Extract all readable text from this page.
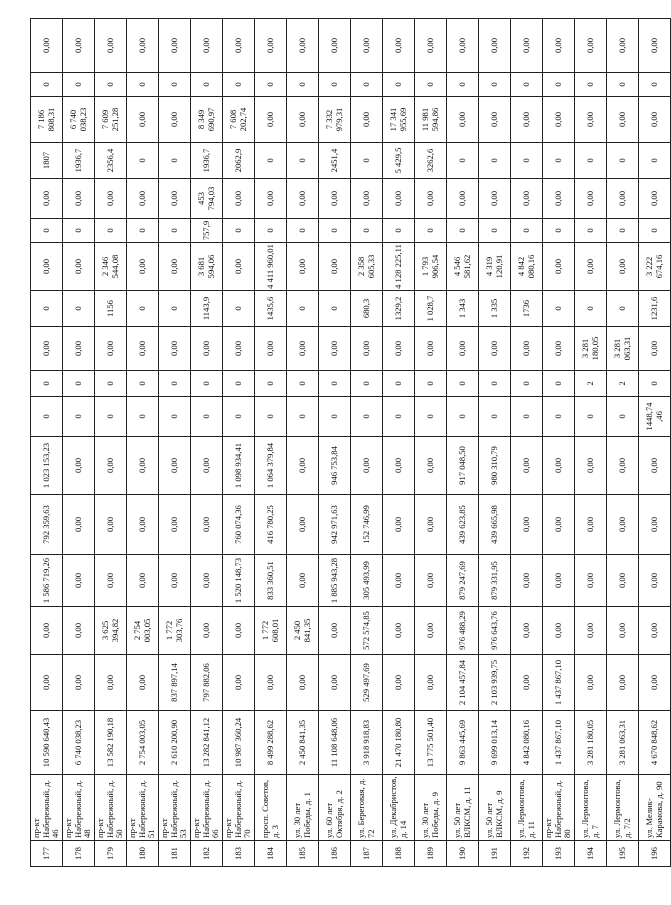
177	пр-кт Набережный, д. 46	10 590 640,43	0,00	0,00	1 586 719,26	792 359,63	1 023 153,23	0	0	0,00	0	0,00	0	0,00	1807	7 186 808,31	0	0,00
178	пр-кт Набережный, д. 48	6 740 038,23	0,00	0,00	0,00	0,00	0,00	0	0	0,00	0	0,00	0	0,00	1936,7	6 740 038,23	0	0,00
179	пр-кт Набережный, д. 50	13 582 190,18	0,00	3 625 394,82	0,00	0,00	0,00	0	0	0,00	1156	2 346 544,08	0	0,00	2356,4	7 609 251,28	0	0,00
180	пр-кт Набережный, д. 51	2 754 003,05	0,00	2 754 003,05	0,00	0,00	0,00	0	0	0,00	0	0,00	0	0,00	0	0,00	0	0,00
181	пр-кт Набережный, д. 53	2 610 200,90	837 897,14	1 772 303,76	0,00	0,00	0,00	0	0	0,00	0	0,00	0	0,00	0	0,00	0	0,00
182	пр-кт Набережный, д. 66	13 282 841,12	797 882,06	0,00	0,00	0,00	0,00	0	0	0,00	1143,9	3 681 594,06	757,9	453 794,03	1936,7	8 349 690,97	0	0,00
183	пр-кт Набережный, д. 70	10 987 360,24	0,00	0,00	1 520 148,73	760 074,36	1 098 934,41	0	0	0,00	0	0,00	0	0,00	2062,9	7 608 202,74	0	0,00
184	просп. Советов, д. 3	8 499 288,62	0,00	1 772 608,01	833 360,51	416 780,25	1 064 379,84	0	0	0,00	1435,6	4 411 960,01	0	0,00	0	0,00	0	0,00
185	ул. 30 лет Победы, д. 1	2 450 841,35	0,00	2 450 841,35	0,00	0,00	0,00	0	0	0,00	0	0,00	0	0,00	0	0,00	0	0,00
186	ул. 60 лет Октября, д. 2	11 108 648,06	0,00	0,00	1 885 943,28	942 971,63	946 753,84	0	0	0,00	0	0,00	0	0,00	2451,4	7 332 979,31	0	0,00
187	ул. Береговая, д. 72	3 918 918,83	529 497,69	572 574,85	305 493,99	152 746,99	0,00	0	0	0,00	680,3	2 358 605,33	0	0,00	0	0,00	0	0,00
188	ул. Декабристов, д. 14	21 470 180,80	0,00	0,00	0,00	0,00	0,00	0	0	0,00	1329,2	4 128 225,11	0	0,00	5 429,5	17 341 955,69	0	0,00
189	ул. 30 лет Победы, д. 9	13 775 501,40	0,00	0,00	0,00	0,00	0,00	0	0	0,00	1 028,7	1 793 906,54	0	0,00	3262,6	11 981 594,86	0	0,00
190	ул. 50 лет ВЛКСМ, д. 11	9 863 445,69	2 104 457,84	976 488,29	879 247,69	439 623,85	917 048,50	0	0	0,00	1 343	4 546 581,62	0	0,00	0	0,00	0	0,00
191	ул. 50 лет ВЛКСМ, д. 9	9 699 013,14	2 103 939,75	976 643,76	879 331,95	439 665,98	980 310,79	0	0	0,00	1 335	4 319 120,91	0	0,00	0	0,00	0	0,00
192	ул. Лермонтова, д. 11	4 842 080,16	0,00	0,00	0,00	0,00	0,00	0	0	0,00	1736	4 842 080,16	0	0,00	0	0,00	0	0,00
193	пр-кт Набережный, д. 80	1 437 867,10	1 437 867,10	0,00	0,00	0,00	0,00	0	0	0,00	0	0,00	0	0,00	0	0,00	0	0,00
194	ул. Лермонтова, д. 7	3 281 180,05	0,00	0,00	0,00	0,00	0,00	0	2	3 281 180,05	0	0,00	0	0,00	0	0,00	0	0,00
195	ул. Лермонтова, д. 7/2	3 281 063,31	0,00	0,00	0,00	0,00	0,00	0	2	3 281 063,31	0	0,00	0	0,00	0	0,00	0	0,00
196	ул. Мелик-Карамова, д. 90	4 670 848,62	0,00	0,00	0,00	0,00	0,00	1448,74 ,46	0	0,00	1231,6	3 222 674,16	0	0,00	0	0,00	0	0,00
